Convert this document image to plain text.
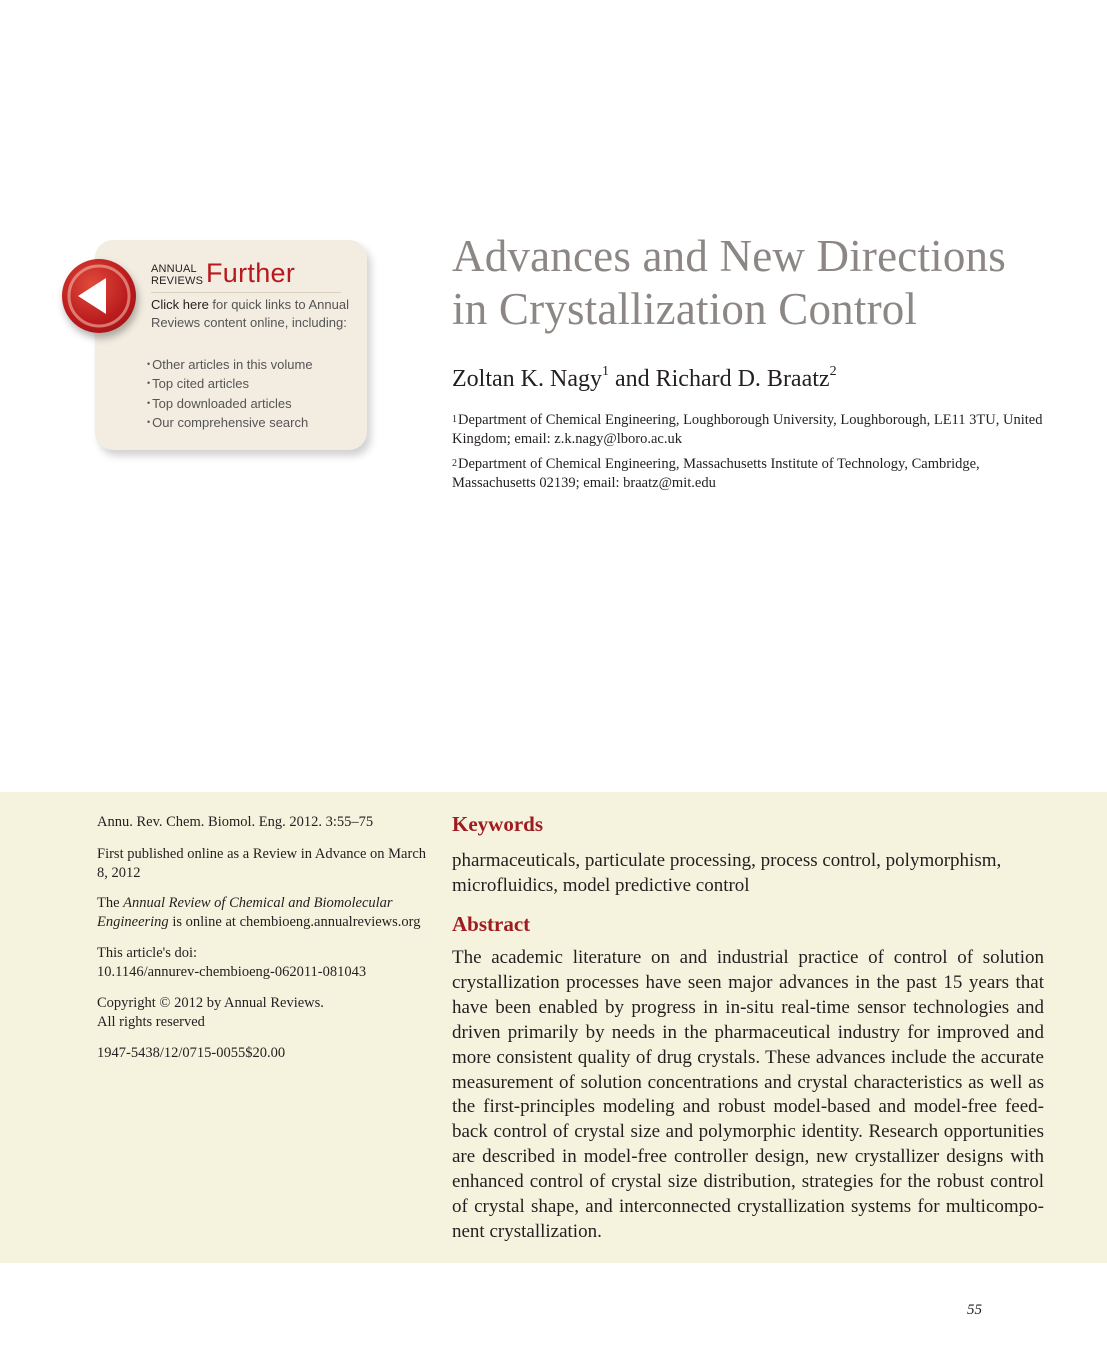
ANNUAL
REVIEWS Further
Click here for quick links to Annual Reviews content online, including:
• Other articles in this volume
• Top cited articles
• Top downloaded articles
• Our comprehensive search
Advances and New Directions
in Crystallization Control
Zoltan K. Nagy$^1$ and Richard D. Braatz$^2$
$^1$Department of Chemical Engineering, Loughborough University, Loughborough, LE11 3TU, United Kingdom; email: z.k.nagy@lboro.ac.uk
$^2$Department of Chemical Engineering, Massachusetts Institute of Technology, Cambridge, Massachusetts 02139; email: braatz@mit.edu
Annu. Rev. Chem. Biomol. Eng. 2012. 3:55–75
First published online as a Review in Advance on March 8, 2012
The Annual Review of Chemical and Biomolecular Engineering is online at chembioeng.annualreviews.org
This article's doi:
10.1146/annurev-chembioeng-062011-081043
Copyright © 2012 by Annual Reviews.
All rights reserved
1947-5438/12/0715-0055$20.00
Keywords
pharmaceuticals, particulate processing, process control, polymorphism, microfluidics, model predictive control
Abstract

The academic literature on and industrial practice of control of solution crystallization processes have seen major advances in the past 15 years that have been enabled by progress in in-situ real-time sensor technologies and driven primarily by needs in the pharmaceutical industry for improved and more consistent quality of drug crystals. These advances include the accurate measurement of solution concentrations and crystal characteristics as well as the first-principles modeling and robust model-based and model-free feed-back control of crystal size and polymorphic identity. Research opportunities are described in model-free controller design, new crystallizer designs with enhanced control of crystal size distribution, strategies for the robust control of crystal shape, and interconnected crystallization systems for multicompo-nent crystallization.

55
